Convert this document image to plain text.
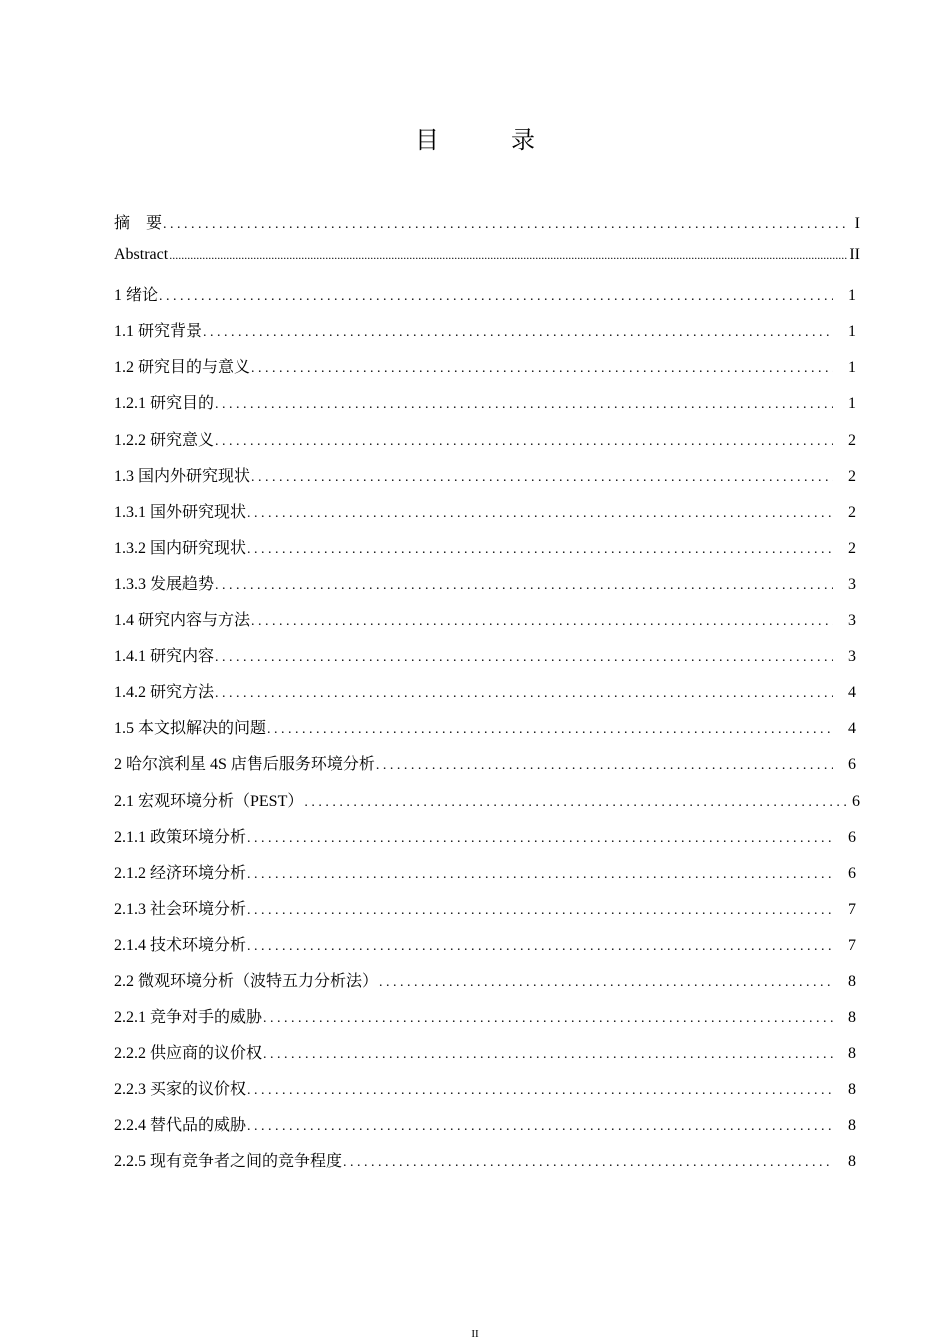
目　录
摘　要 . . .	I
Abstract .....	II
1 绪论 . . .	1
1.1 研究背景 . . .	1
1.2 研究目的与意义 . . .	1
1.2.1 研究目的 . . .	1
1.2.2 研究意义 . . .	2
1.3 国内外研究现状 . . .	2
1.3.1 国外研究现状 . . .	2
1.3.2 国内研究现状 . . .	2
1.3.3 发展趋势 . . .	3
1.4 研究内容与方法 . . .	3
1.4.1 研究内容 . . .	3
1.4.2 研究方法 . . .	4
1.5 本文拟解决的问题 . . .	4
2 哈尔滨利星 4S 店售后服务环境分析 . . .	6
2.1 宏观环境分析（PEST） . . .	6
2.1.1 政策环境分析 . . .	6
2.1.2 经济环境分析 . . .	6
2.1.3 社会环境分析 . . .	7
2.1.4 技术环境分析 . . .	7
2.2 微观环境分析（波特五力分析法） . . .	8
2.2.1 竞争对手的威胁 . . .	8
2.2.2 供应商的议价权 . . .	8
2.2.3 买家的议价权 . . .	8
2.2.4 替代品的威胁 . . .	8
2.2.5 现有竞争者之间的竞争程度 . . .	8
II
